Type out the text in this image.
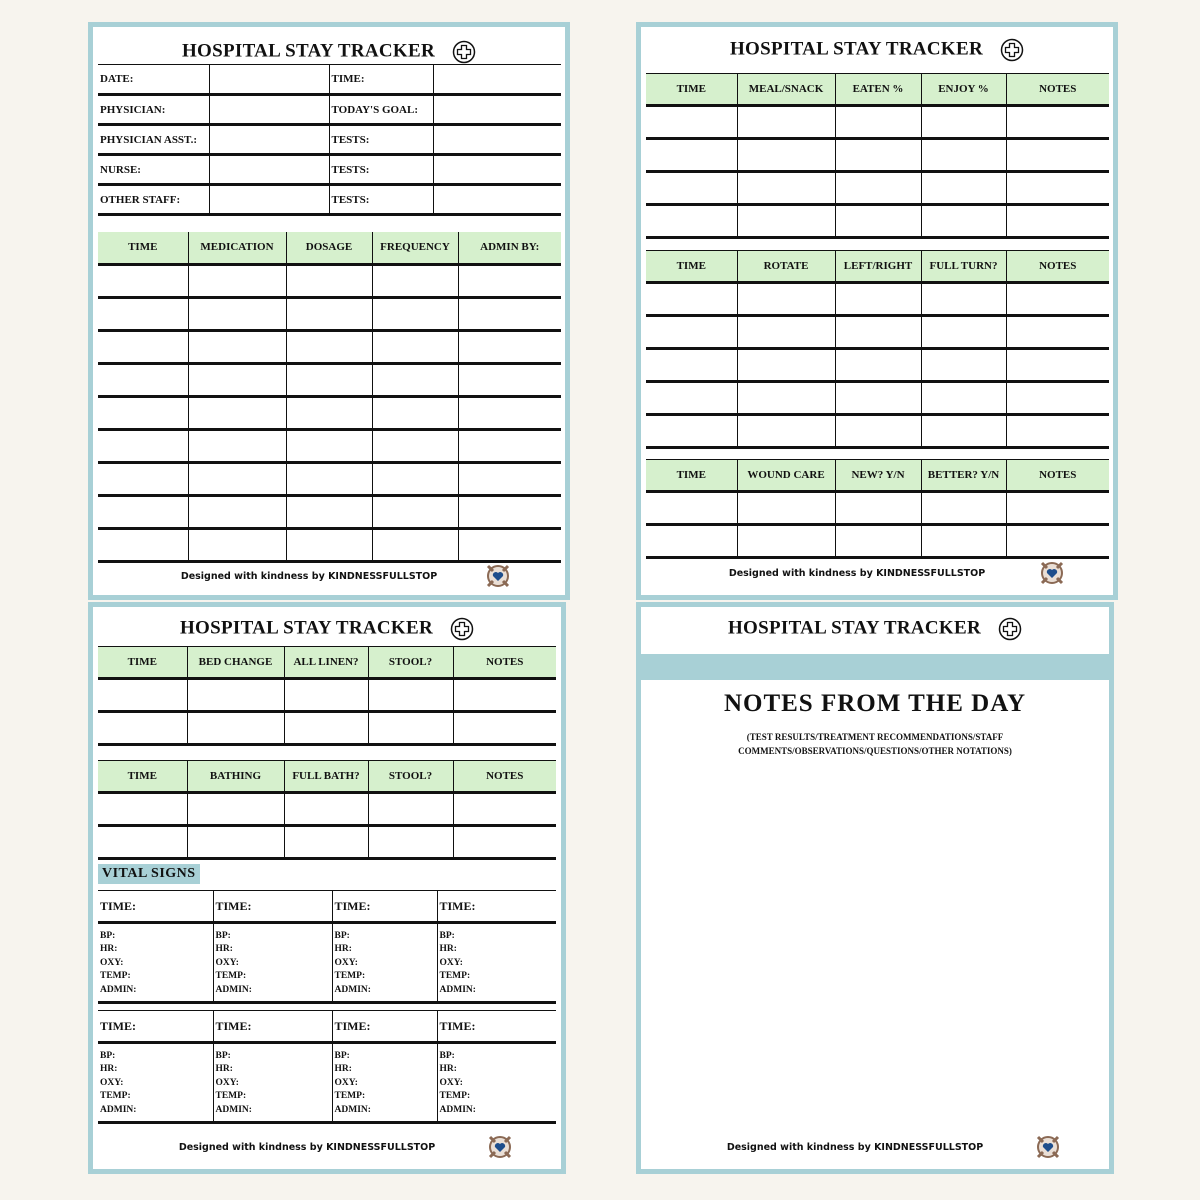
HOSPITAL STAY TRACKER
DATE:		TIME:	
PHYSICIAN:		TODAY'S GOAL:	
PHYSICIAN ASST.:		TESTS:	
NURSE:		TESTS:	
OTHER STAFF:		TESTS:	
TIME	MEDICATION	DOSAGE	FREQUENCY	ADMIN BY:

Designed with kindness by KINDNESSFULLSTOP
HOSPITAL STAY TRACKER
TIME	MEAL/SNACK	EATEN %	ENJOY %	NOTES

TIME	ROTATE	LEFT/RIGHT	FULL TURN?	NOTES

TIME	WOUND CARE	NEW? Y/N	BETTER? Y/N	NOTES

Designed with kindness by KINDNESSFULLSTOP
HOSPITAL STAY TRACKER
TIME	BED CHANGE	ALL LINEN?	STOOL?	NOTES

TIME	BATHING	FULL BATH?	STOOL?	NOTES

VITAL SIGNS
TIME:	TIME:	TIME:	TIME:

BP:
HR:
OXY:
TEMP:
ADMIN:	BP:
HR:
OXY:
TEMP:
ADMIN:	BP:
HR:
OXY:
TEMP:
ADMIN:	BP:
HR:
OXY:
TEMP:
ADMIN:

TIME:	TIME:	TIME:	TIME:

BP:
HR:
OXY:
TEMP:
ADMIN:	BP:
HR:
OXY:
TEMP:
ADMIN:	BP:
HR:
OXY:
TEMP:
ADMIN:	BP:
HR:
OXY:
TEMP:
ADMIN:
Designed with kindness by KINDNESSFULLSTOP
HOSPITAL STAY TRACKER
NOTES FROM THE DAY
(TEST RESULTS/TREATMENT RECOMMENDATIONS/STAFF
COMMENTS/OBSERVATIONS/QUESTIONS/OTHER NOTATIONS)
Designed with kindness by KINDNESSFULLSTOP
